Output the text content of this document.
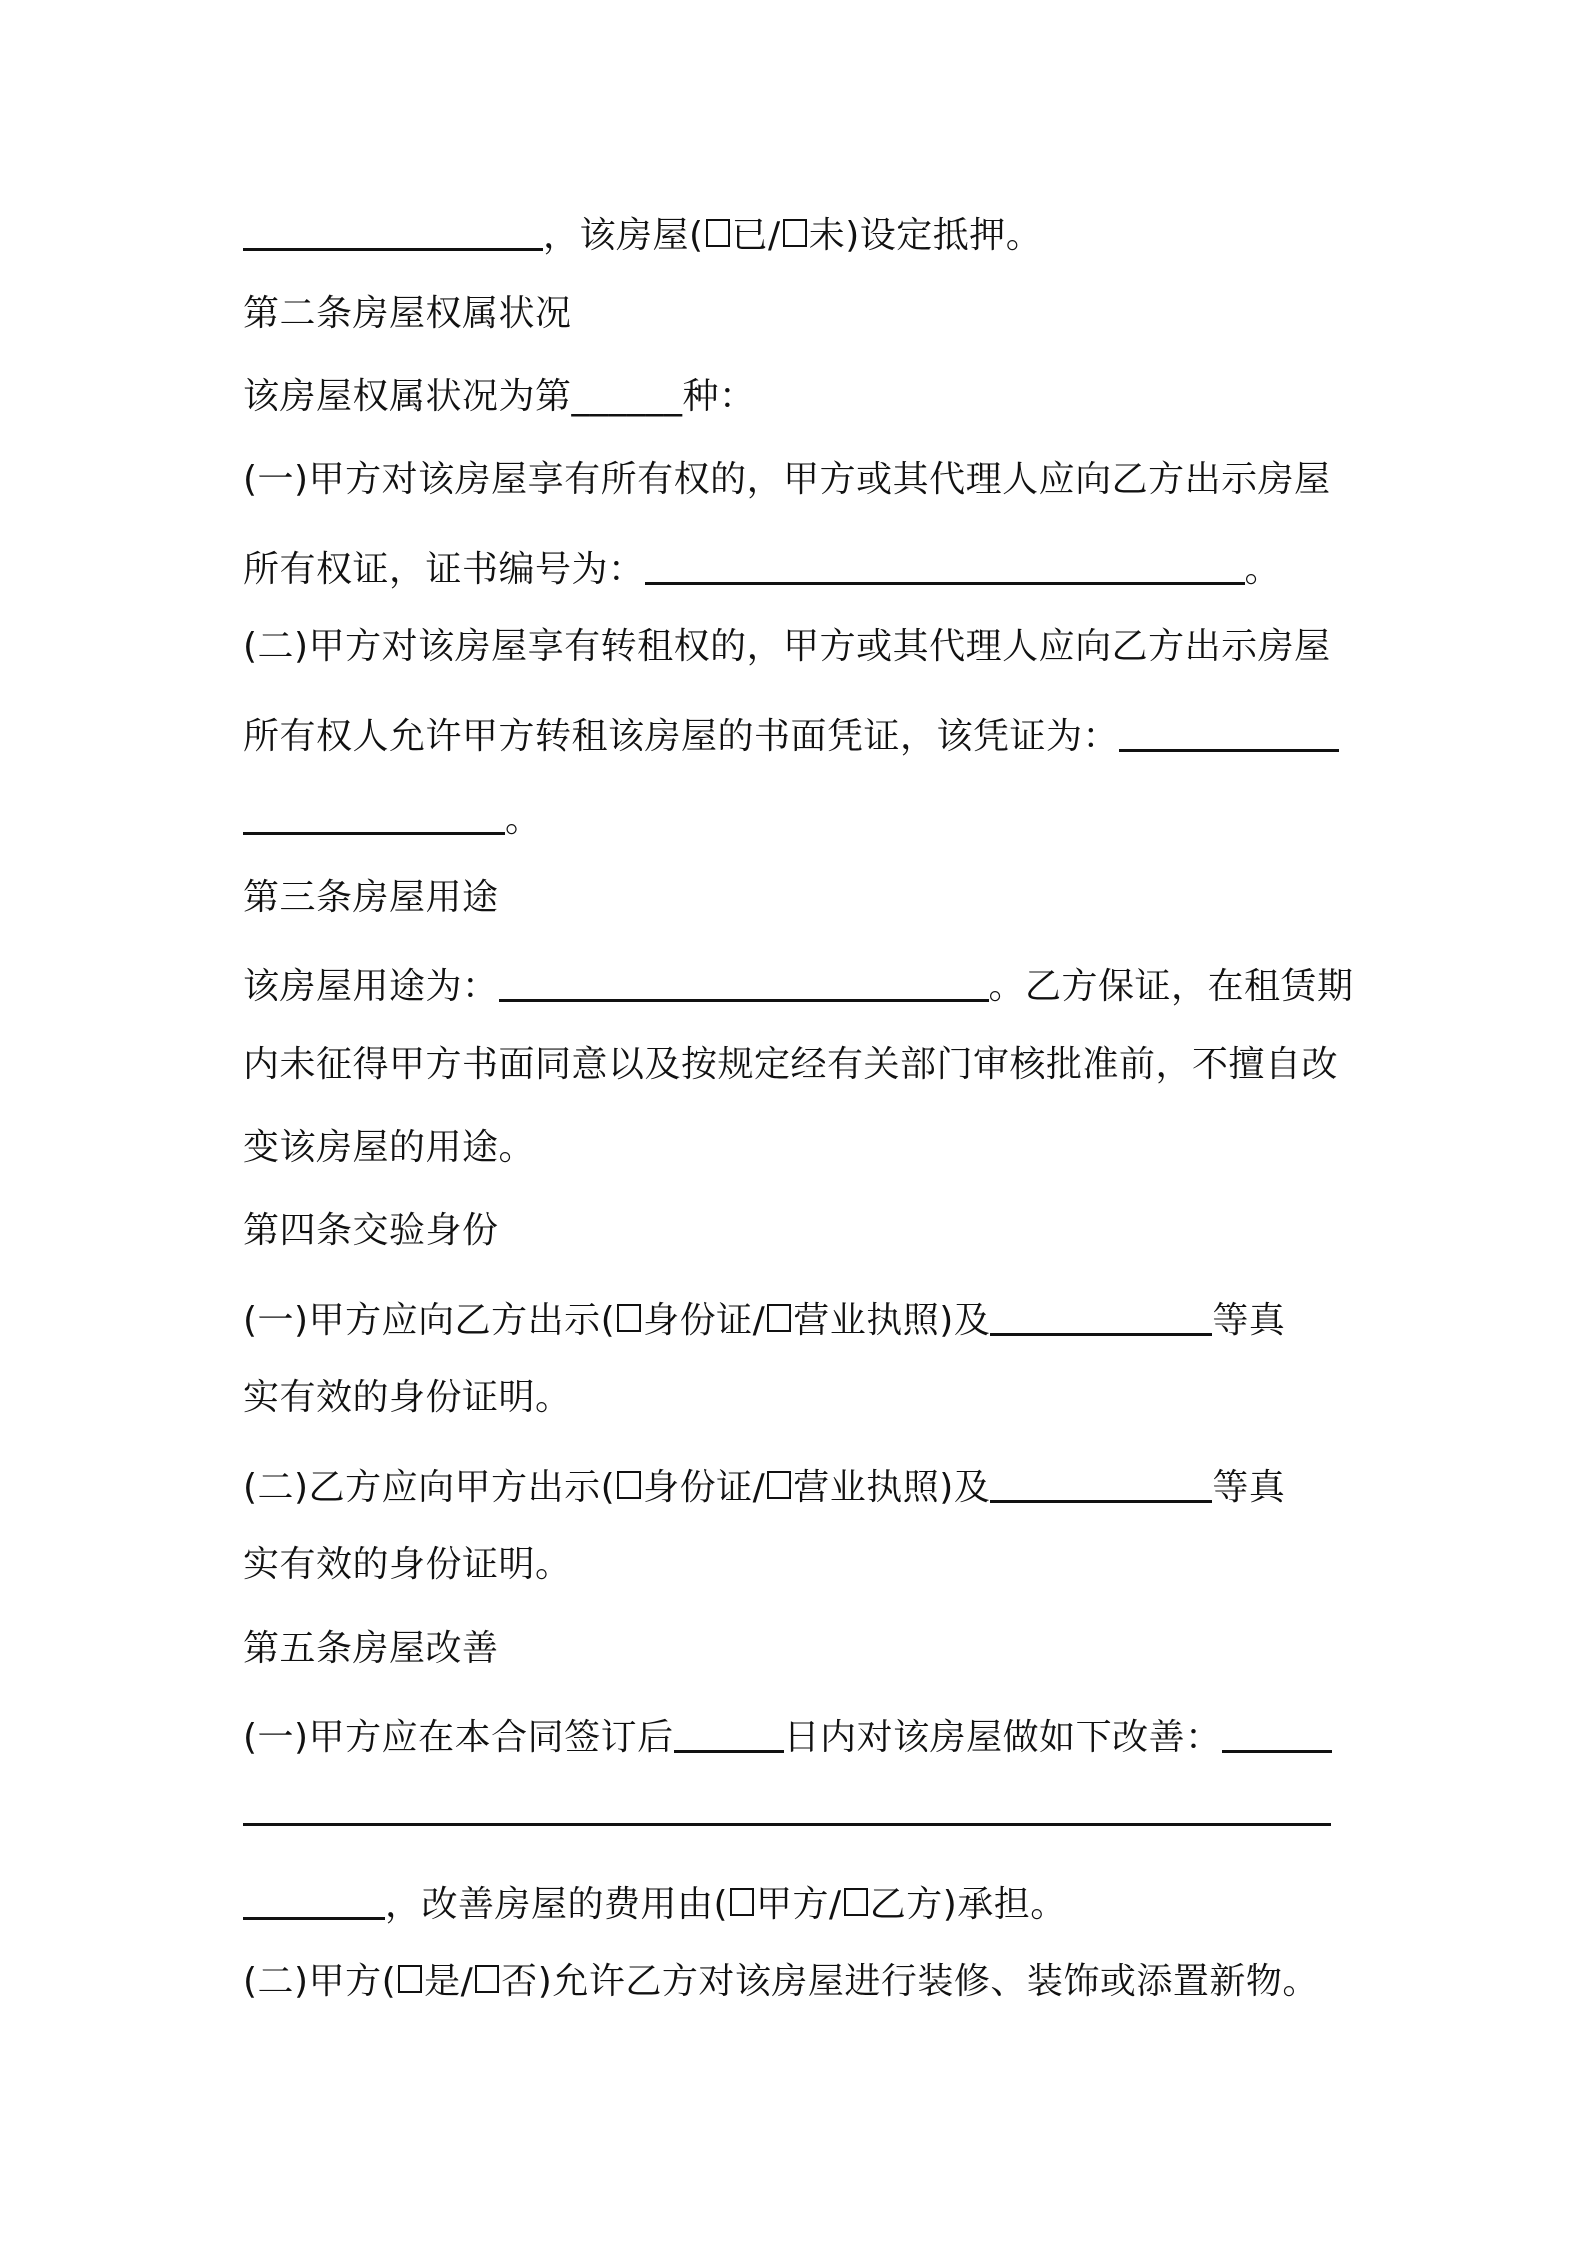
，该房屋( 已/ 未)设定抵押。
第二条房屋权属状况
该房屋权属状况为第______种：
(一)甲方对该房屋享有所有权的，甲方或其代理人应向乙方出示房屋
所有权证，证书编号为：	。
(二)甲方对该房屋享有转租权的，甲方或其代理人应向乙方出示房屋
所有权人允许甲方转租该房屋的书面凭证，该凭证为：
。
第三条房屋用途
该房屋用途为：	。乙方保证，在租赁期
内未征得甲方书面同意以及按规定经有关部门审核批准前，不擅自改
变该房屋的用途。
第四条交验身份
(一)甲方应向乙方出示( 身份证/ 营业执照)及	等真
实有效的身份证明。
(二)乙方应向甲方出示( 身份证/ 营业执照)及	等真
实有效的身份证明。
第五条房屋改善
(一)甲方应在本合同签订后	日内对该房屋做如下改善：
，改善房屋的费用由( 甲方/ 乙方)承担。
(二)甲方( 是/ 否)允许乙方对该房屋进行装修、装饰或添置新物。
